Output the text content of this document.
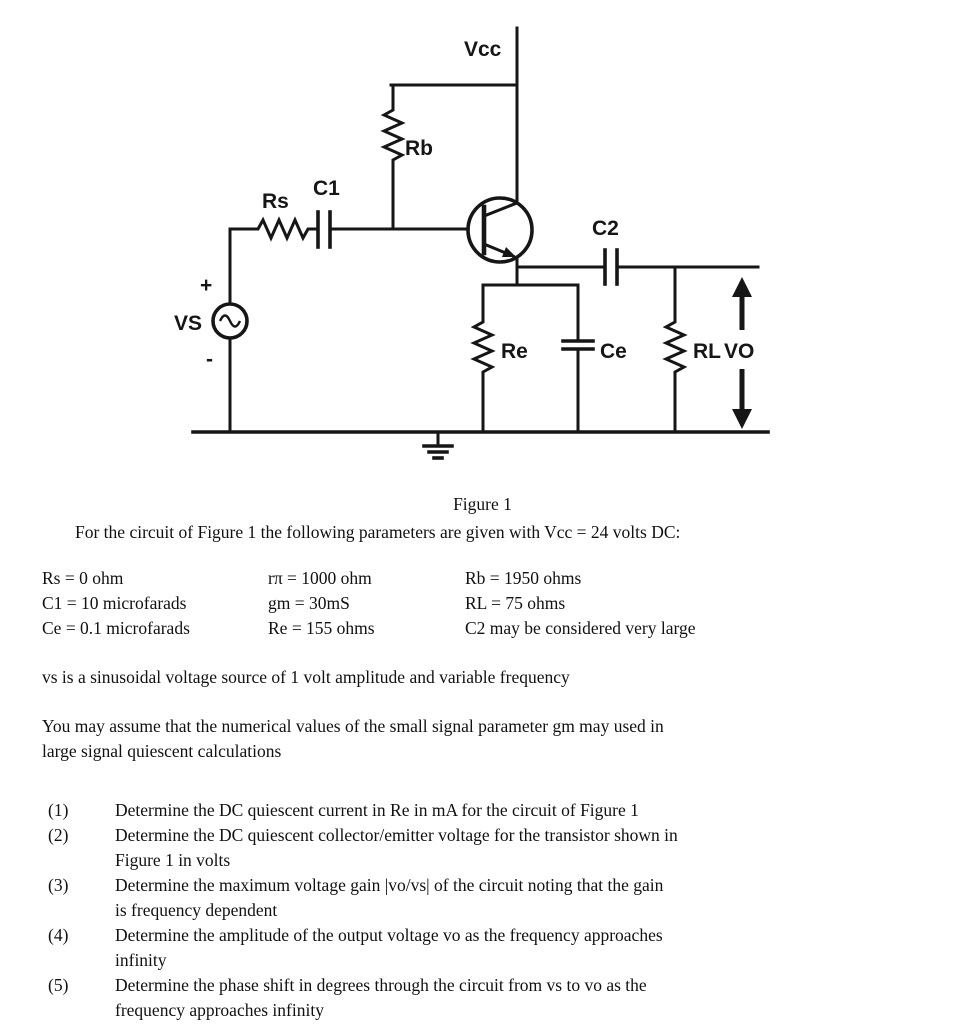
Vcc
Rb
Rs
C1
C2
Re	Ce	RL VO
VS
+
-
Figure 1
For the circuit of Figure 1 the following parameters are given with Vcc = 24 volts DC:
Rs = 0 ohm	rπ = 1000 ohm	Rb = 1950 ohms
C1 = 10 microfarads	gm = 30mS	RL = 75 ohms
Ce = 0.1 microfarads	Re = 155 ohms	C2 may be considered very large
vs is a sinusoidal voltage source of 1 volt amplitude and variable frequency
You may assume that the numerical values of the small signal parameter gm may used in
large signal quiescent calculations
(1)	Determine the DC quiescent current in Re in mA for the circuit of Figure 1
(2)	Determine the DC quiescent collector/emitter voltage for the transistor shown in
Figure 1 in volts
(3)	Determine the maximum voltage gain |vo/vs| of the circuit noting that the gain
is frequency dependent
(4)	Determine the amplitude of the output voltage vo as the frequency approaches
infinity
(5)	Determine the phase shift in degrees through the circuit from vs to vo as the
frequency approaches infinity
